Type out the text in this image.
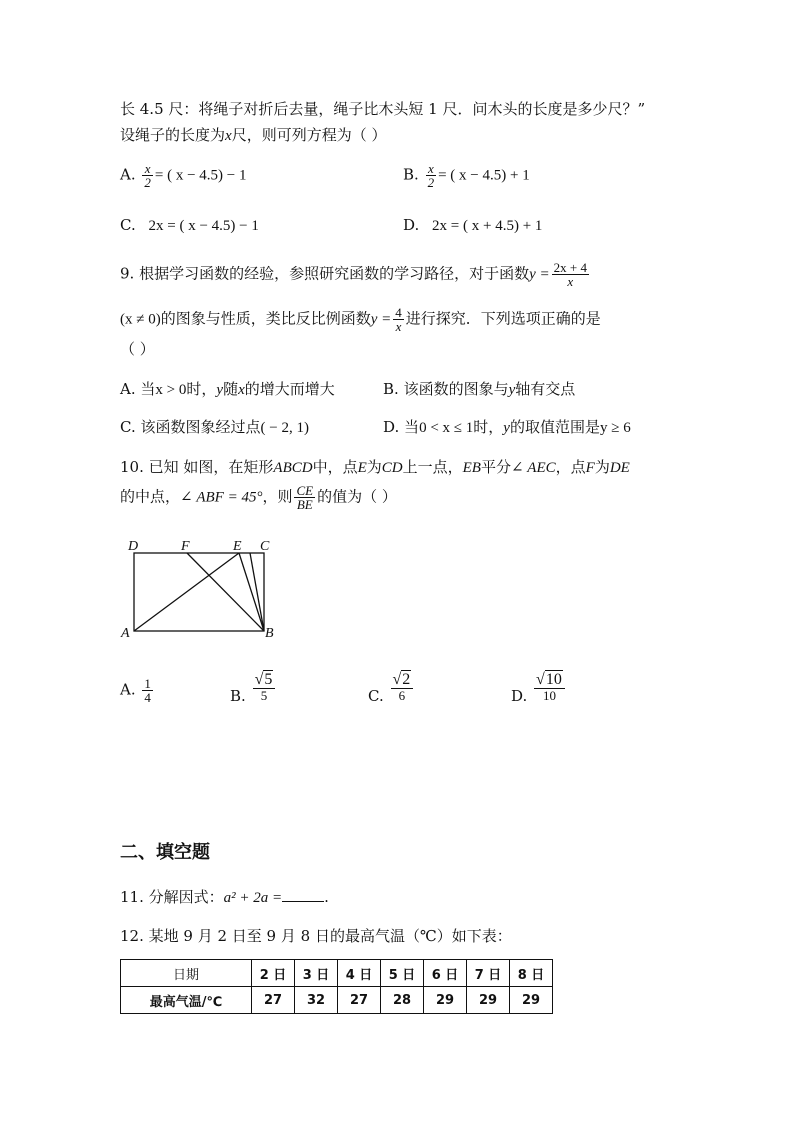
长 4.5 尺：将绳子对折后去量，绳子比木头短 1 尺．问木头的长度是多少尺？”
设绳子的长度为x尺，则可列方程为（ ）
A. $\frac{x}{2}$ = ( x − 4.5) − 1	B. $\frac{x}{2}$ = ( x − 4.5) + 1
C. 2x = ( x − 4.5) − 1	D. 2x = ( x + 4.5) + 1
9. 根据学习函数的经验，参照研究函数的学习路径，对于函数$y = \frac{2x + 4}{x}$
(x ≠ 0)的图象与性质，类比反比例函数$y = \frac{4}{x}$ 进行探究．下列选项正确的是
（ ）
A. 当x > 0时，y随x的增大而增大	B. 该函数的图象与y轴有交点
C. 该函数图象经过点( − 2, 1)	D. 当0 < x ≤ 1时，y的取值范围是y ≥ 6
10. 已知 如图，在矩形ABCD中，点E为CD上一点，EB平分∠ AEC，点F为DE
的中点，∠ ABF = 45°，则 $\frac{CE}{BE}$ 的值为（ ）
D	F	E C
A	B
A. $\frac{1}{4}$	B. $\frac{√5}{5}$	C. $\frac{√2}{6}$	D. $\frac{√10}{10}$
二、填空题
11. 分解因式：a² + 2a =	.
12. 某地 9 月 2 日至 9 月 8 日的最高气温（℃）如下表：
日期	2 日	3 日	4 日	5 日	6 日	7 日	8 日
最高气温/℃	27	32	27	28	29	29	29
